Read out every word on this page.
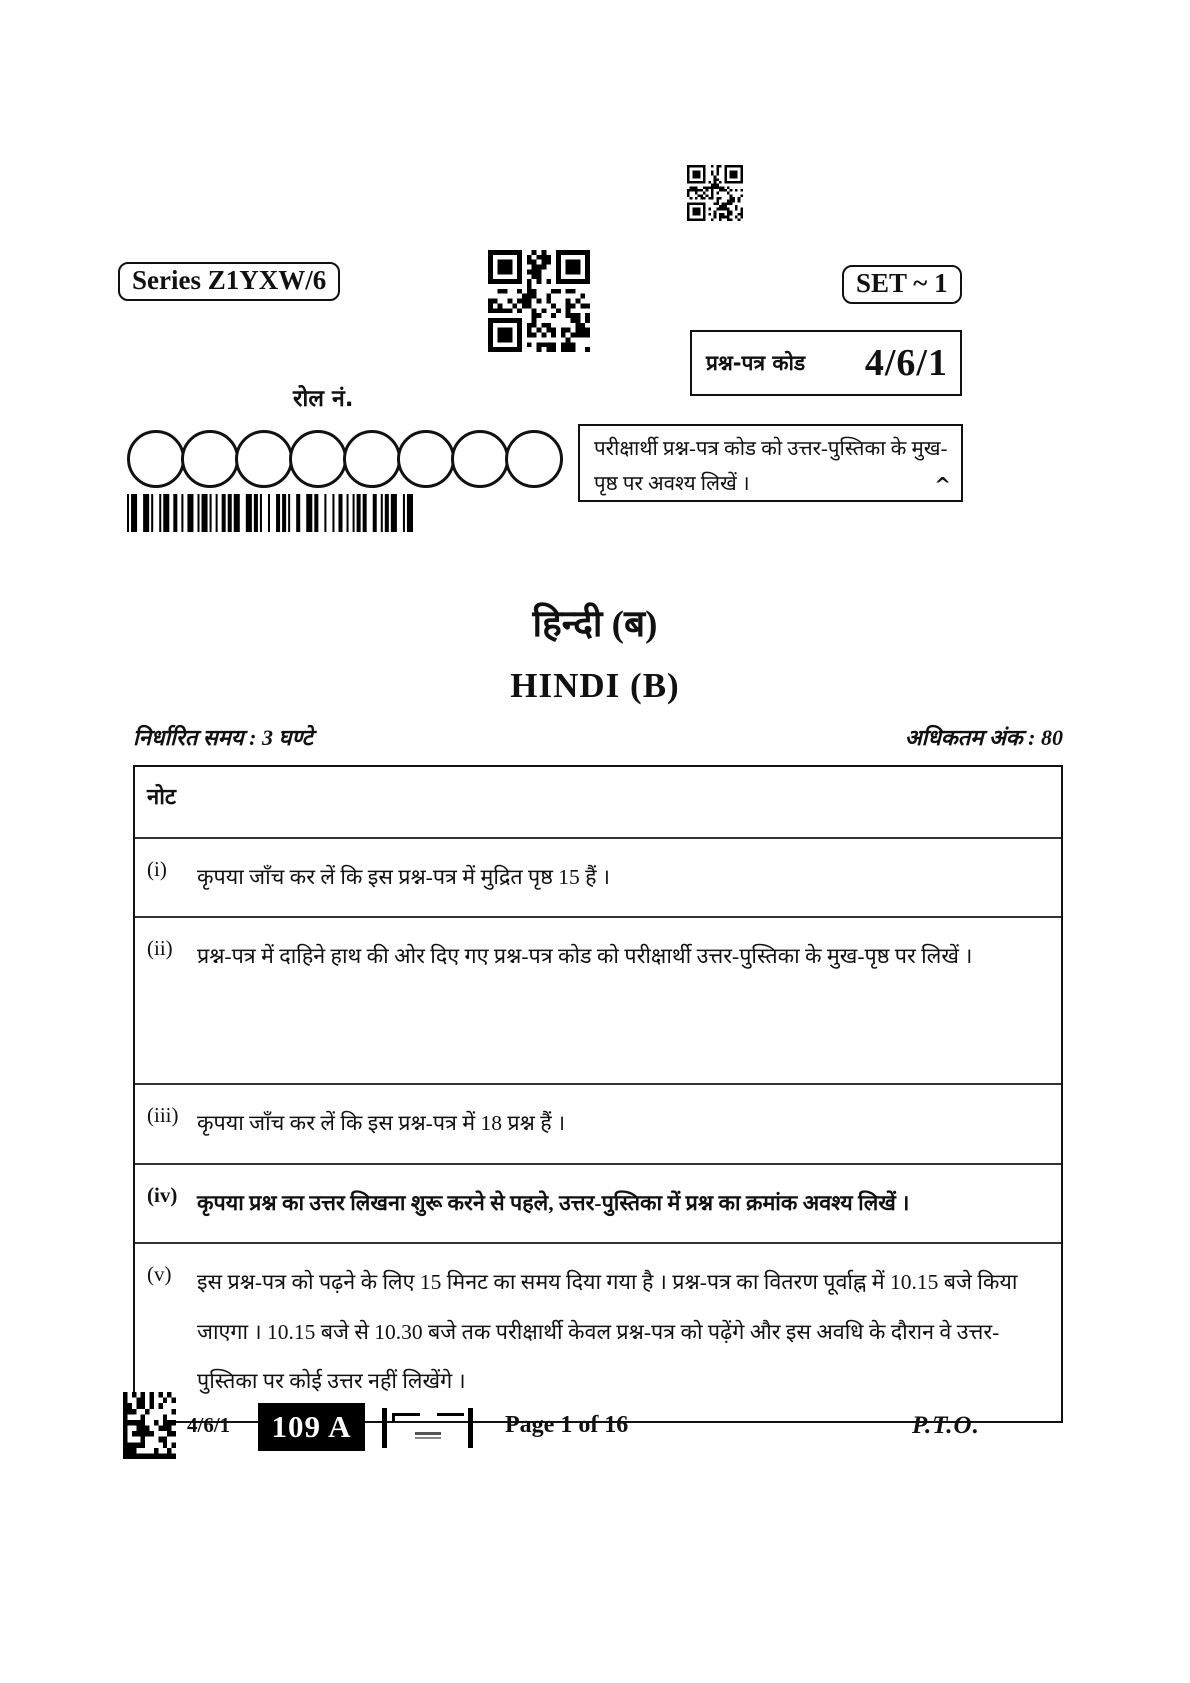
Series Z1YXW/6	SET ~ 1
प्रश्न-पत्र कोड 4/6/1
रोल नं.
परीक्षार्थी प्रश्न-पत्र कोड को उत्तर-पुस्तिका के मुख-पृष्ठ पर अवश्य लिखें ।	^
हिन्दी (ब)
HINDI (B)
निर्धारित समय : 3 घण्टे	अधिकतम अंक : 80
नोट
(i)	कृपया जाँच कर लें कि इस प्रश्न-पत्र में मुद्रित पृष्ठ 15 हैं ।
(ii)	प्रश्न-पत्र में दाहिने हाथ की ओर दिए गए प्रश्न-पत्र कोड को परीक्षार्थी उत्तर-पुस्तिका के मुख-पृष्ठ पर लिखें ।
(iii) कृपया जाँच कर लें कि इस प्रश्न-पत्र में 18 प्रश्न हैं ।
(iv) कृपया प्रश्न का उत्तर लिखना शुरू करने से पहले, उत्तर-पुस्तिका में प्रश्न का क्रमांक अवश्य लिखें ।
(v)	इस प्रश्न-पत्र को पढ़ने के लिए 15 मिनट का समय दिया गया है । प्रश्न-पत्र का वितरण पूर्वाह्न में 10.15 बजे किया जाएगा । 10.15 बजे से 10.30 बजे तक परीक्षार्थी केवल प्रश्न-पत्र को पढ़ेंगे और इस अवधि के दौरान वे उत्तर-पुस्तिका पर कोई उत्तर नहीं लिखेंगे ।
4/6/1	109 A	Page 1 of 16	P.T.O.
